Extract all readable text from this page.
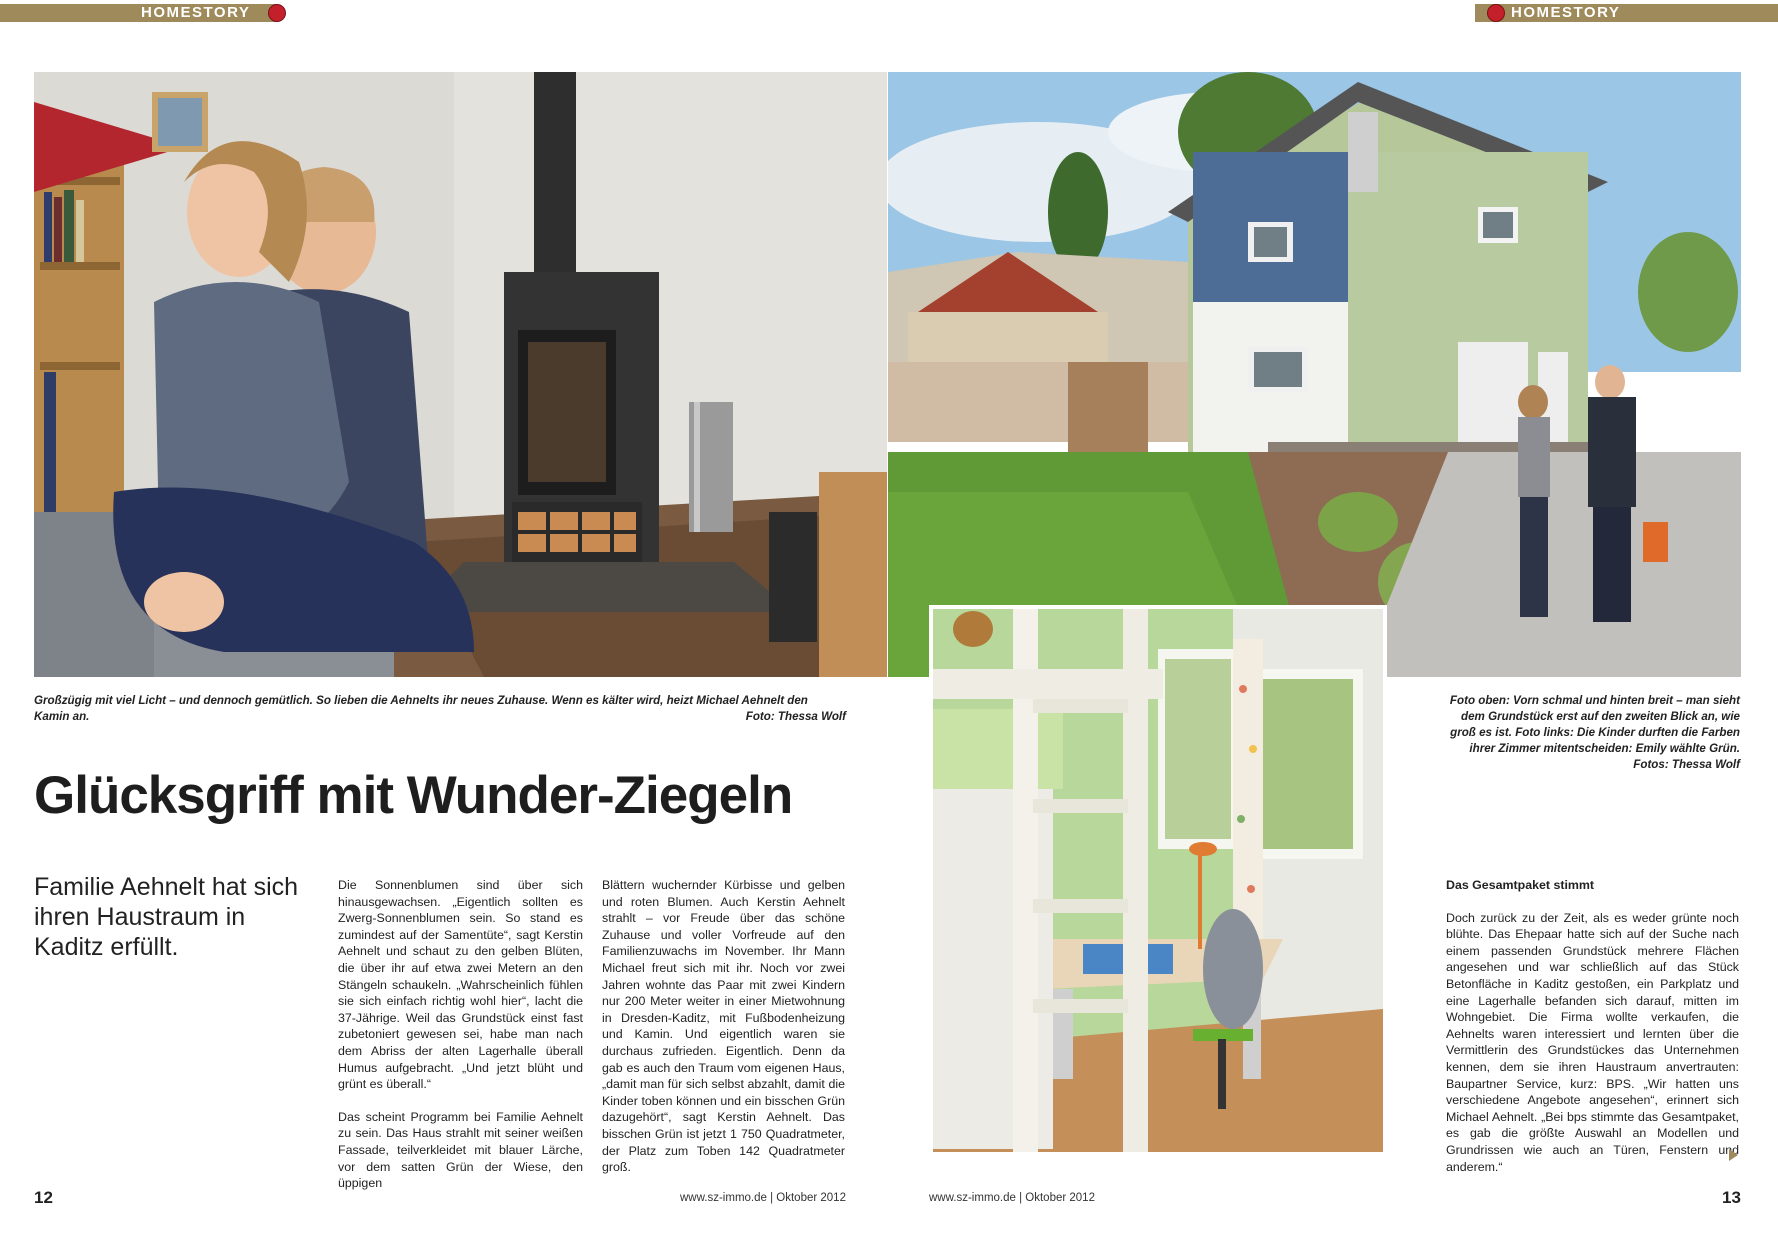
HOMESTORY	HOMESTORY
Großzügig mit viel Licht – und dennoch gemütlich. So lieben die Aehnelts ihr neues Zuhause. Wenn es kälter wird, heizt Michael Aehnelt den Kamin an.	Foto: Thessa Wolf
Foto oben: Vorn schmal und hinten breit – man sieht
dem Grundstück erst auf den zweiten Blick an, wie
groß es ist. Foto links: Die Kinder durften die Farben
ihrer Zimmer mitentscheiden: Emily wählte Grün.
Fotos: Thessa Wolf
Glücksgriff mit Wunder-Ziegeln
Familie Aehnelt hat sich ihren Haustraum in Kaditz erfüllt.

Die Sonnenblumen sind über sich hinausgewachsen. „Eigentlich sollten es Zwerg-Sonnenblumen sein. So stand es zumindest auf der Samentüte“, sagt Kerstin Aehnelt und schaut zu den gelben Blüten, die über ihr auf etwa zwei Metern an den Stängeln schaukeln. „Wahrscheinlich fühlen sie sich einfach richtig wohl hier“, lacht die 37-Jährige. Weil das Grundstück einst fast zubetoniert gewesen sei, habe man nach dem Abriss der alten Lagerhalle überall Humus aufgebracht. „Und jetzt blüht und grünt es überall.“

Das scheint Programm bei Familie Aehnelt zu sein. Das Haus strahlt mit seiner weißen Fassade, teilverkleidet mit blauer Lärche, vor dem satten Grün der Wiese, den üppigen

Blättern wuchernder Kürbisse und gelben und roten Blumen. Auch Kerstin Aehnelt strahlt – vor Freude über das schöne Zuhause und voller Vorfreude auf den Familienzuwachs im November. Ihr Mann Michael freut sich mit ihr. Noch vor zwei Jahren wohnte das Paar mit zwei Kindern nur 200 Meter weiter in einer Mietwohnung in Dresden-Kaditz, mit Fußbodenheizung und Kamin. Und eigentlich waren sie durchaus zufrieden. Eigentlich. Denn da gab es auch den Traum vom eigenen Haus, „damit man für sich selbst abzahlt, damit die Kinder toben können und ein bisschen Grün dazugehört“, sagt Kerstin Aehnelt. Das bisschen Grün ist jetzt 1 750 Quadratmeter, der Platz zum Toben 142 Quadratmeter groß.

Das Gesamtpaket stimmt

Doch zurück zu der Zeit, als es weder grünte noch blühte. Das Ehepaar hatte sich auf der Suche nach einem passenden Grundstück mehrere Flächen angesehen und war schließlich auf das Stück Betonfläche in Kaditz gestoßen, ein Parkplatz und eine Lagerhalle befanden sich darauf, mitten im Wohngebiet. Die Firma wollte verkaufen, die Aehnelts waren interessiert und lernten über die Vermittlerin des Grundstückes das Unternehmen kennen, dem sie ihren Haustraum anvertrauten: Baupartner Service, kurz: BPS. „Wir hatten uns verschiedene Angebote angesehen“, erinnert sich Michael Aehnelt. „Bei bps stimmte das Gesamtpaket, es gab die größte Auswahl an Modellen und Grundrissen wie auch an Türen, Fenstern und anderem.“

12	www.sz-immo.de | Oktober 2012	www.sz-immo.de | Oktober 2012	13
